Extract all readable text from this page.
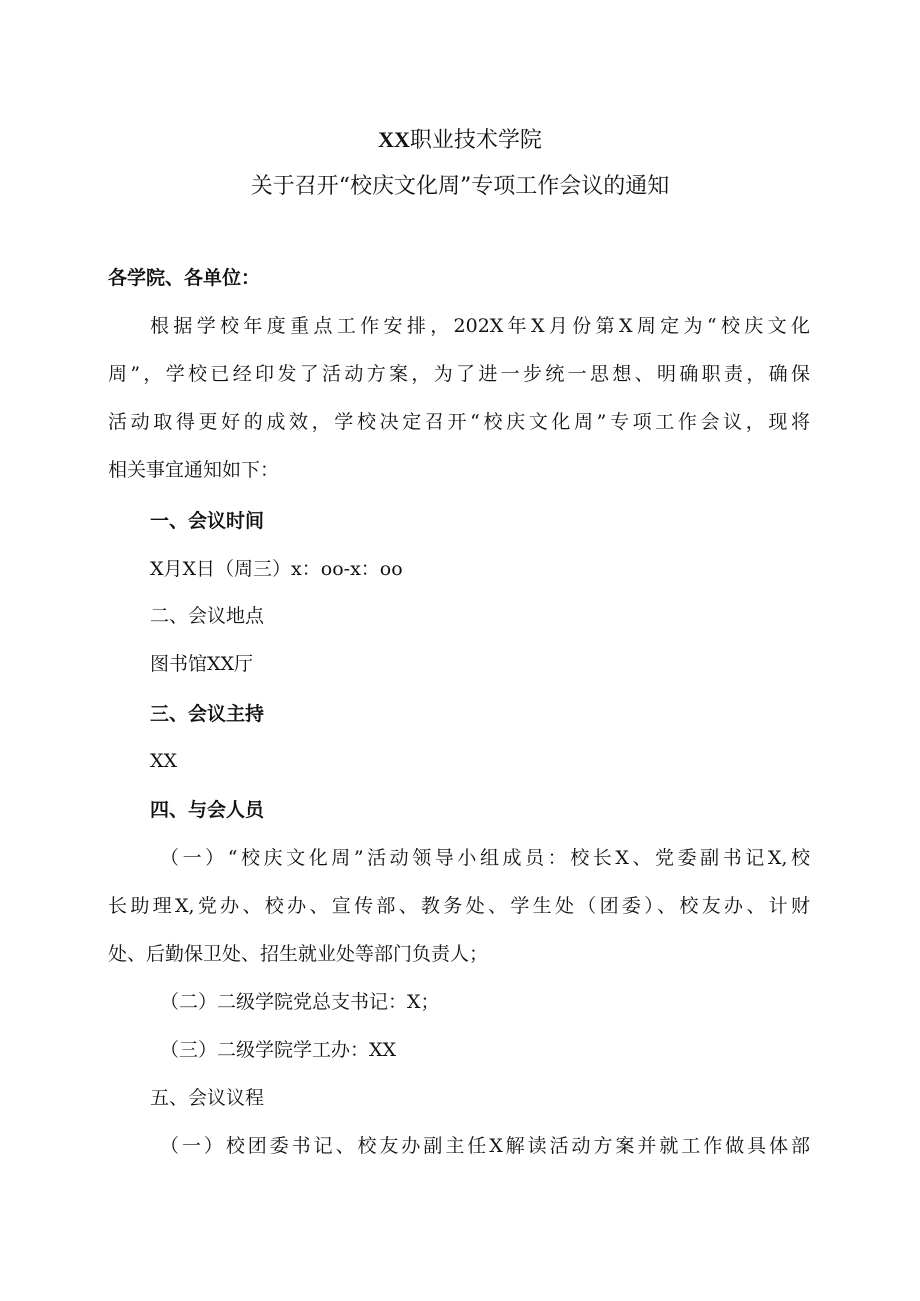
XX职业技术学院
关于召开“校庆文化周”专项工作会议的通知
各学院、各单位：
根据学校年度重点工作安排，202X年X月份第X周定为“校庆文化
周”，学校已经印发了活动方案，为了进一步统一思想、明确职责，确保
活动取得更好的成效，学校决定召开“校庆文化周”专项工作会议，现将
相关事宜通知如下：
一、会议时间
X月X日（周三）x：oo-x：oo
二、会议地点
图书馆XX厅
三、会议主持
XX
四、与会人员
（一）“校庆文化周”活动领导小组成员：校长X、党委副书记X,校
长助理X,党办、校办、宣传部、教务处、学生处（团委）、校友办、计财
处、后勤保卫处、招生就业处等部门负责人；
（二）二级学院党总支书记：X；
（三）二级学院学工办：XX
五、会议议程
（一）校团委书记、校友办副主任X解读活动方案并就工作做具体部
